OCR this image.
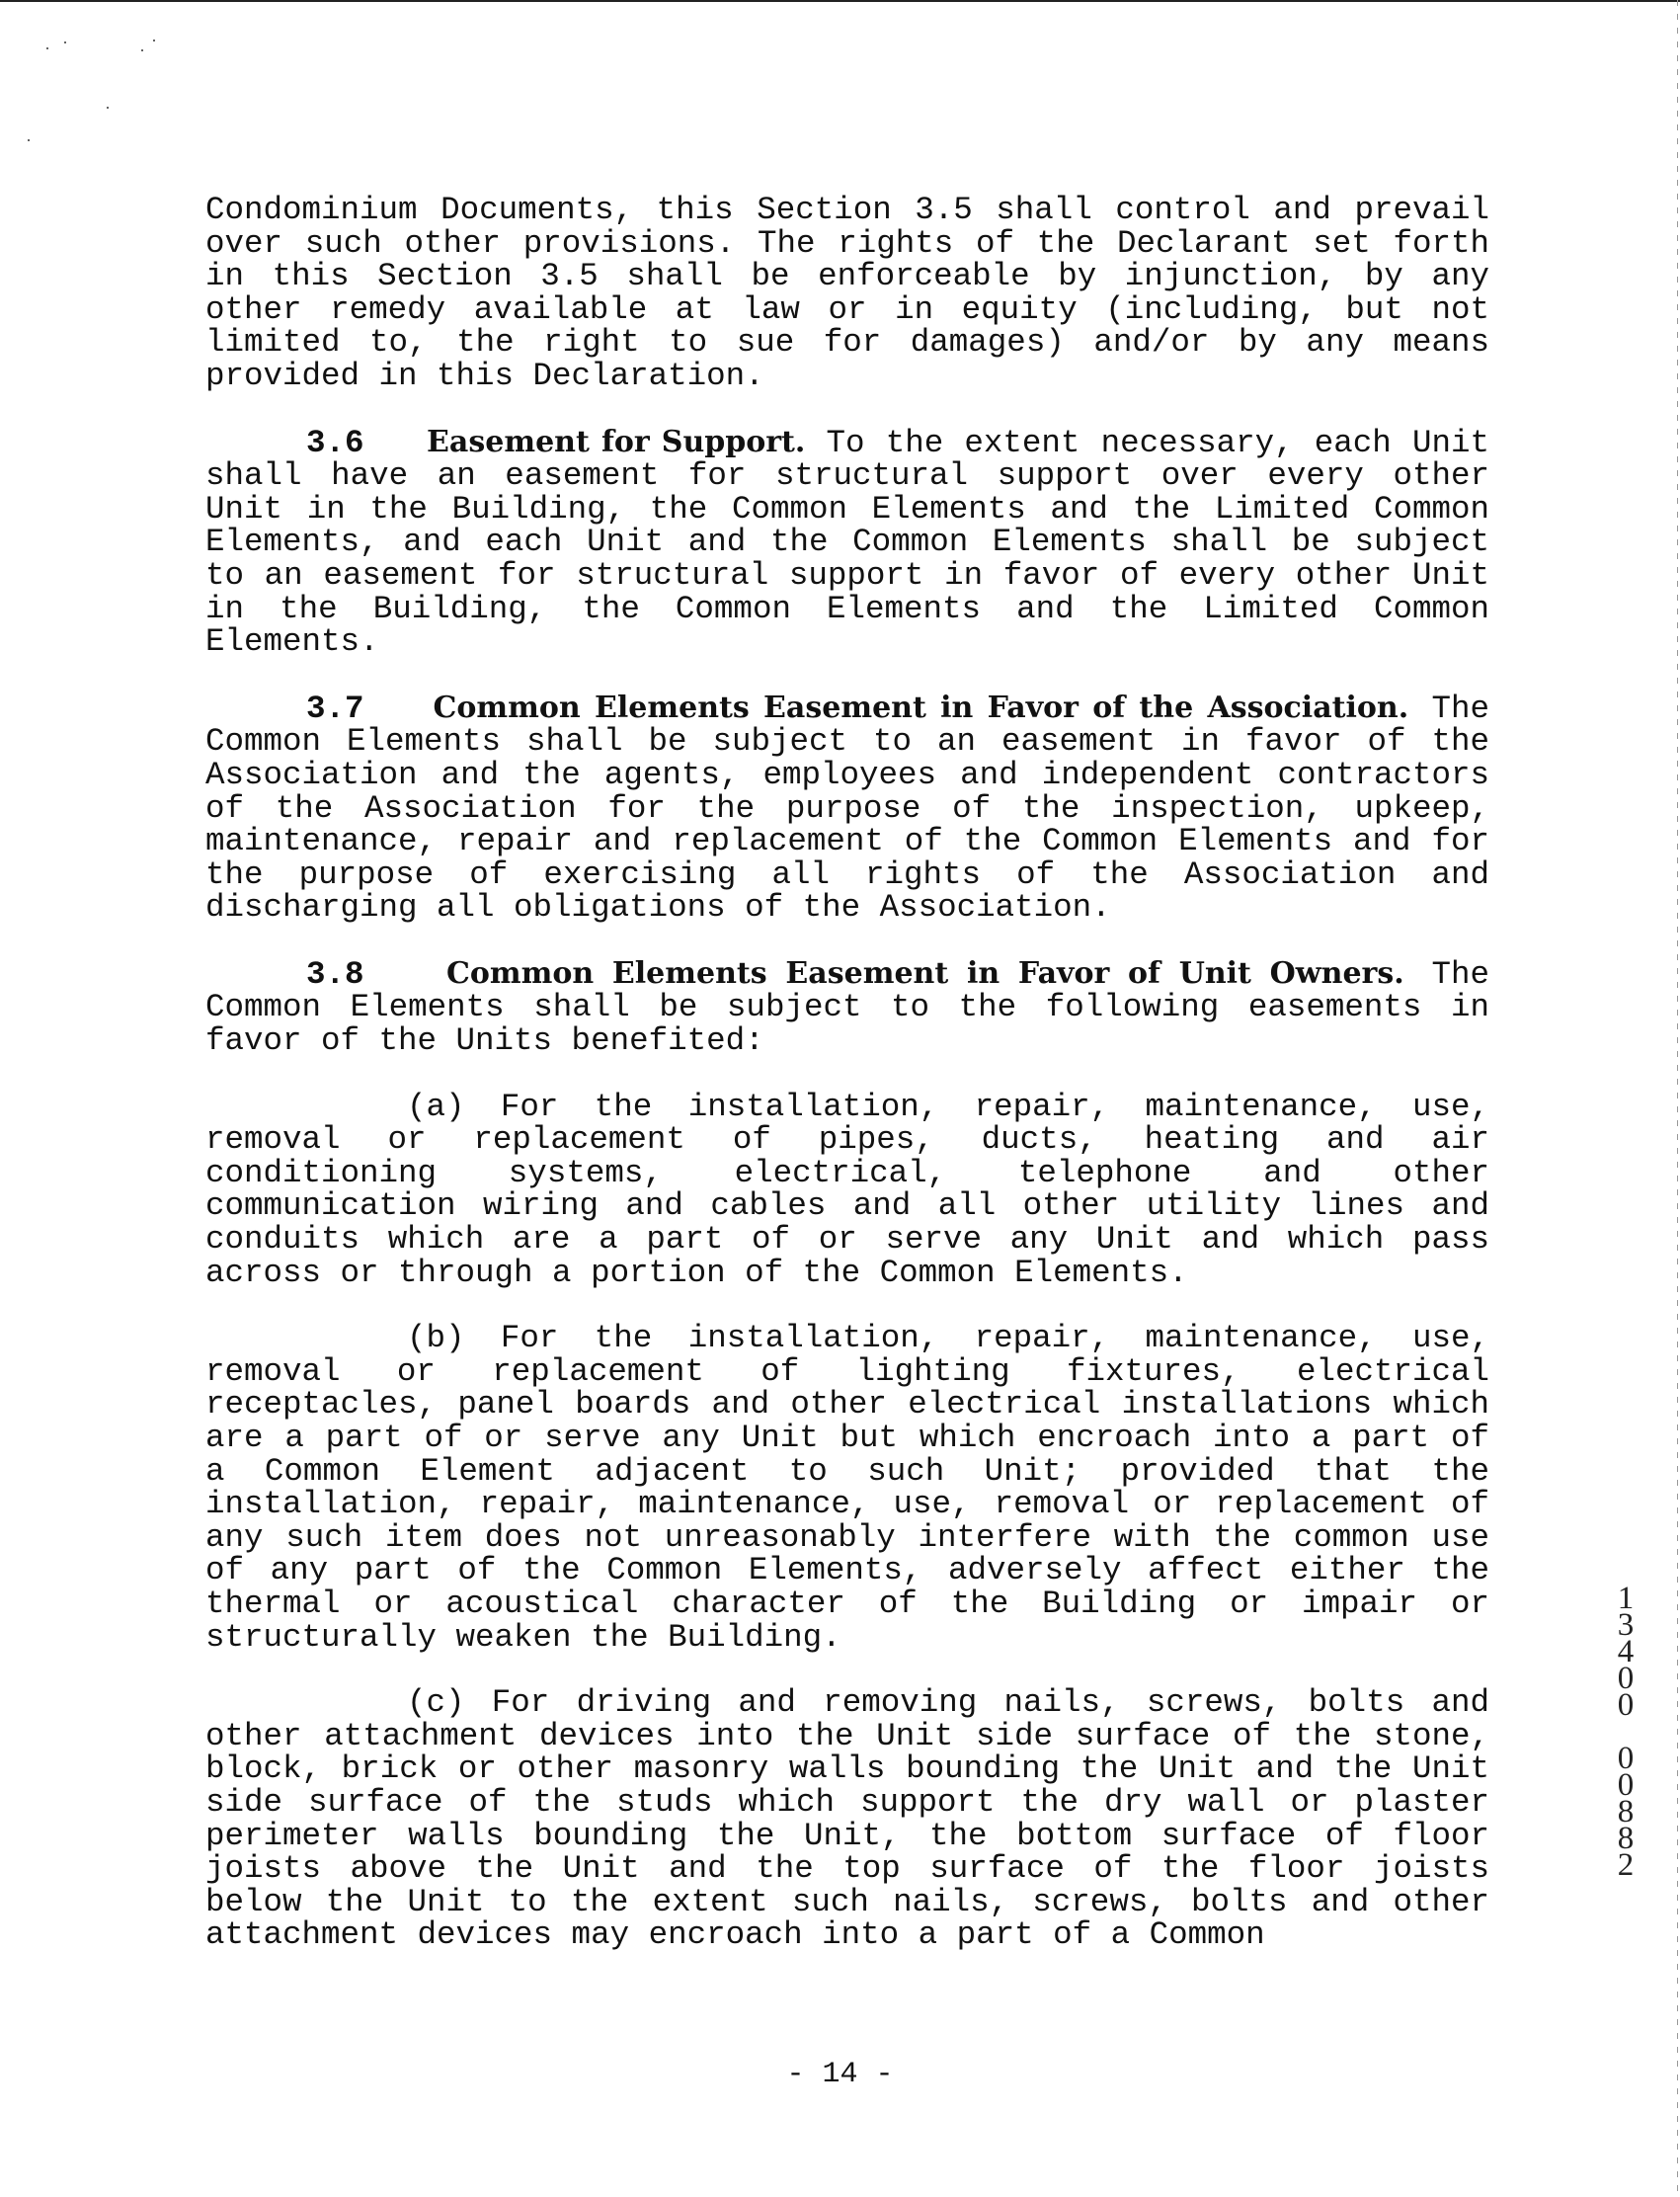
Condominium Documents, this Section 3.5 shall control and prevail over such other provisions. The rights of the Declarant set forth in this Section 3.5 shall be enforceable by injunction, by any other remedy available at law or in equity (including, but not limited to, the right to sue for damages) and/or by any means provided in this Declaration.

3.6 Easement for Support. To the extent necessary, each Unit shall have an easement for structural support over every other Unit in the Building, the Common Elements and the Limited Common Elements, and each Unit and the Common Elements shall be subject to an easement for structural support in favor of every other Unit in the Building, the Common Elements and the Limited Common Elements.

3.7 Common Elements Easement in Favor of the Association. The Common Elements shall be subject to an easement in favor of the Association and the agents, employees and independent contractors of the Association for the purpose of the inspection, upkeep, maintenance, repair and replacement of the Common Elements and for the purpose of exercising all rights of the Association and discharging all obligations of the Association.

3.8	Common Elements Easement in Favor of Unit Owners. The Common Elements shall be subject to the following easements in favor of the Units benefited:

(a) For the installation, repair, maintenance, use, removal or replacement of pipes, ducts, heating and air conditioning systems, electrical, telephone and other communication wiring and cables and all other utility lines and conduits which are a part of or serve any Unit and which pass across or through a portion of the Common Elements.

(b) For the installation, repair, maintenance, use, removal or replacement of lighting fixtures, electrical receptacles, panel boards and other electrical installations which are a part of or serve any Unit but which encroach into a part of a Common Element adjacent to such Unit; provided that the installation, repair, maintenance, use, removal or replacement of any such item does not unreasonably interfere with the common use of any part of the Common Elements, adversely affect either the thermal or acoustical character of the Building or impair or structurally weaken the Building.

(c) For driving and removing nails, screws, bolts and other attachment devices into the Unit side surface of the stone, block, brick or other masonry walls bounding the Unit and the Unit side surface of the studs which support the dry wall or plaster perimeter walls bounding the Unit, the bottom surface of floor joists above the Unit and the top surface of the floor joists below the Unit to the extent such nails, screws, bolts and other attachment devices may encroach into a part of a Common

1
3
4
0
0
0
0
8
8
2
- 14 -
